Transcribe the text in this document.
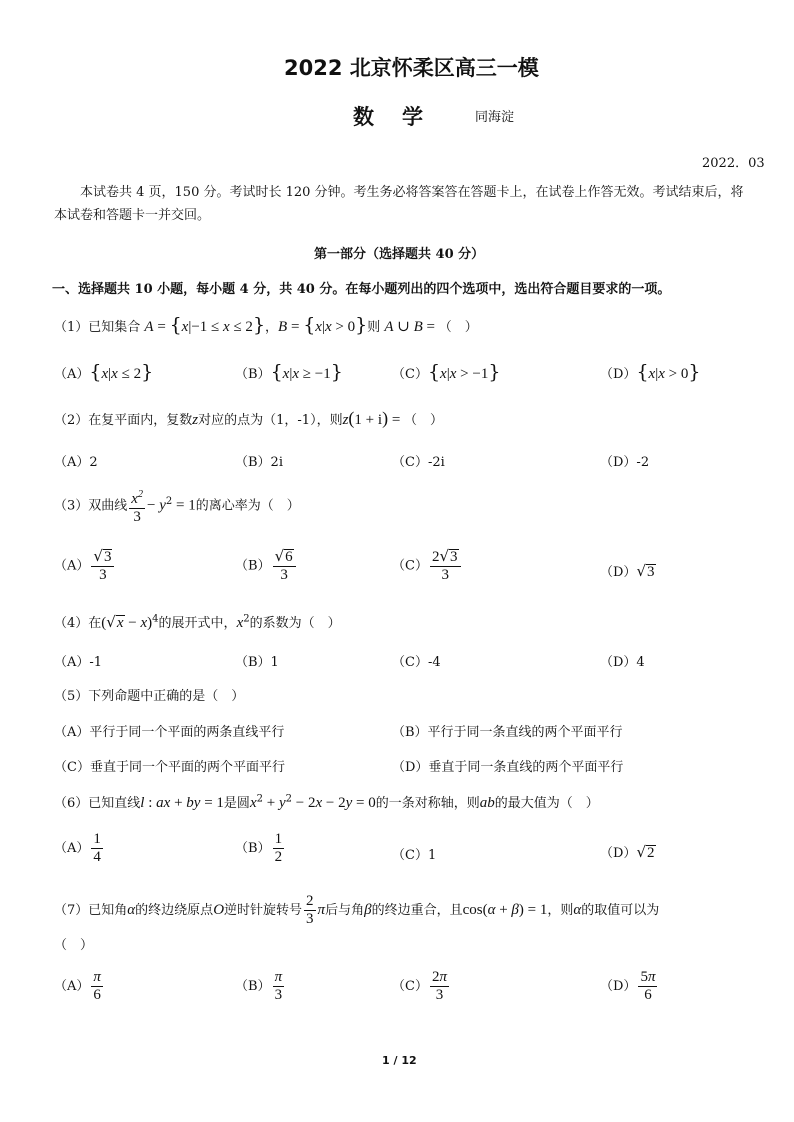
2022 北京怀柔区高三一模
数学 同海淀
2022．03
本试卷共 4 页，150 分。考试时长 120 分钟。考生务必将答案答在答题卡上，在试卷上作答无效。考试结束后，将本试卷和答题卡一并交回。
第一部分（选择题共 40 分）
一、选择题共 10 小题，每小题 4 分，共 40 分。在每小题列出的四个选项中，选出符合题目要求的一项。
（1）已知集合 A = {x|−1 ≤ x ≤ 2}，B = {x|x > 0}则 A ∪ B = （　）
（A）{x|x ≤ 2}	（B）{x|x ≥ −1}	（C）{x|x > −1}	（D）{x|x > 0}
（2）在复平面内，复数z对应的点为（1，-1），则z(1 + i) = （　）
（A）2	（B）2i	（C）-2i	（D）-2
（3）双曲线 $\frac{x^2}{3} - y^2 = 1$的离心率为（　）
$(A) \frac{√3}{3}$	$(B) \frac{√6}{3}$	$(C) \frac{2√3}{3}$	（D）√3
（4）在$(√x - x)^4$的展开式中，$x^2$的系数为（　）
（A）-1	（B）1	（C）-4	（D）4
（5）下列命题中正确的是（　）
（A）平行于同一个平面的两条直线平行	（B）平行于同一条直线的两个平面平行
（C）垂直于同一个平面的两个平面平行	（D）垂直于同一条直线的两个平面平行
（6）已知直线l : ax + by = 1是圆$x^2 + y^2 - 2x - 2y = 0$的一条对称轴，则ab的最大值为（　）
$(A) \frac{1}{4}$	$(B) \frac{1}{2}$	（C）1	（D）√2
（7）已知角α的终边绕原点O逆时针旋转号 $\frac{2}{3}$ π后与角β的终边重合，且cos(α + β) = 1，则α的取值可以为
（　）
$(A) \frac{\pi}{6}$	$(B) \frac{\pi}{3}$	$(C) \frac{2\pi}{3}$	$(D) \frac{5\pi}{6}$
1 / 12
